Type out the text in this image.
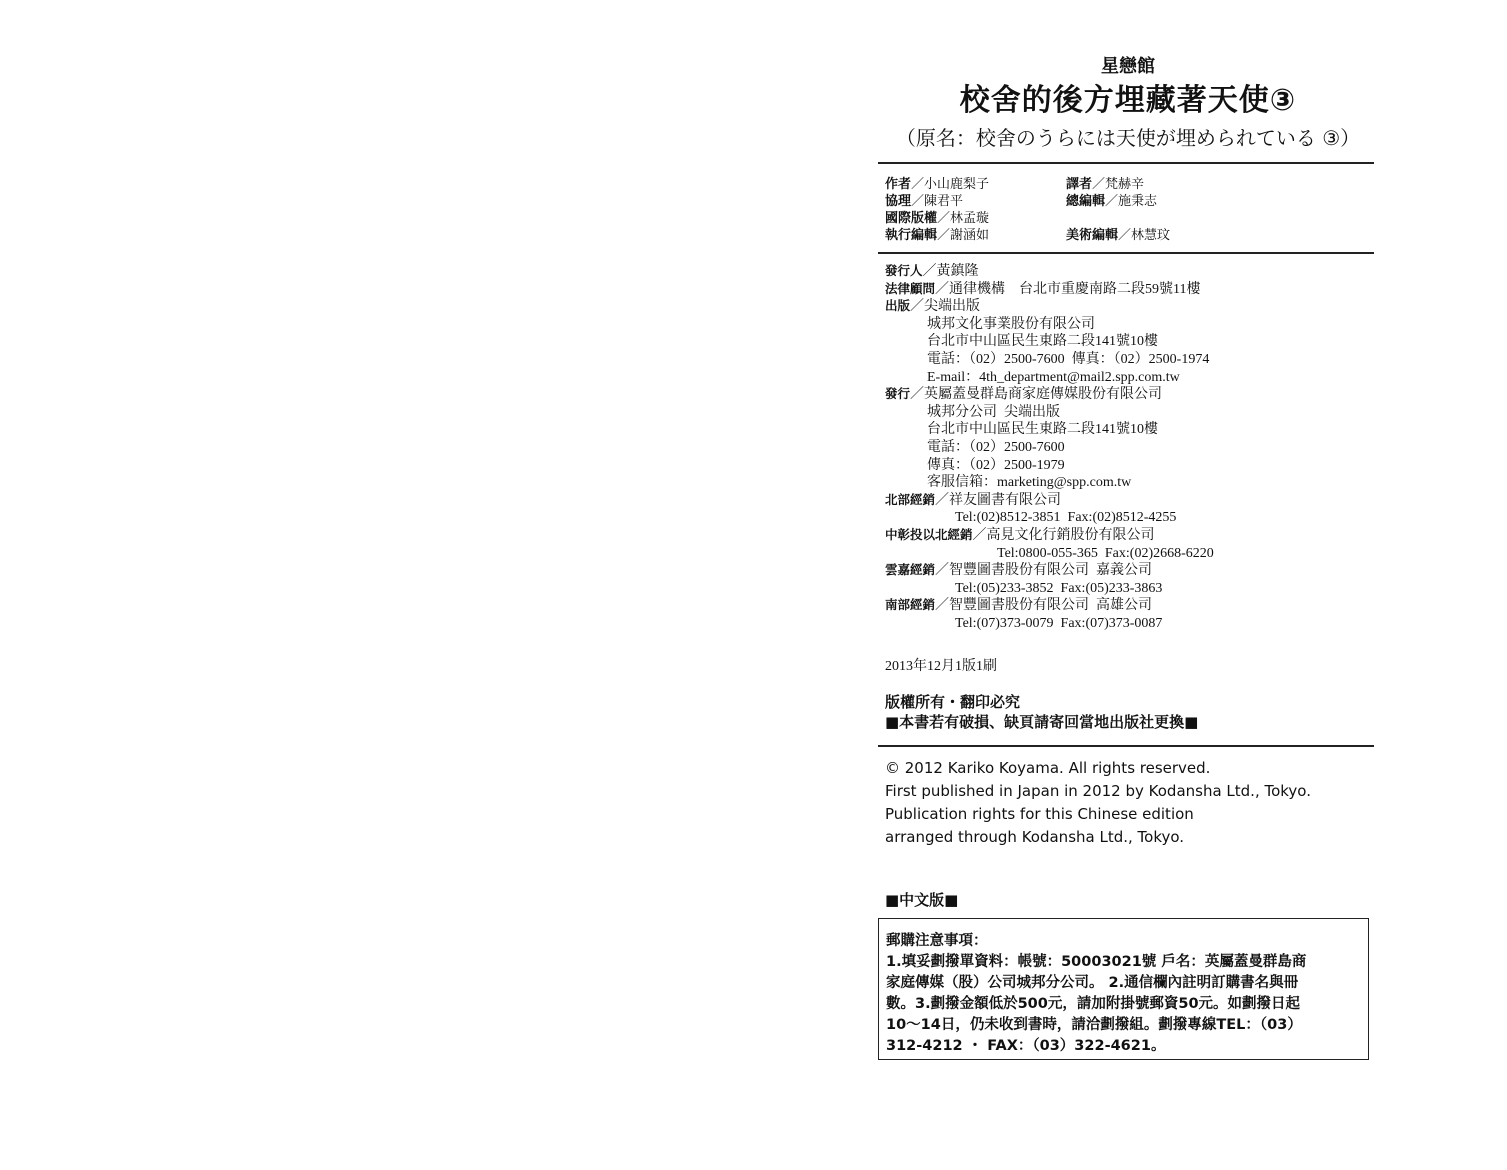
星戀館
校舍的後方埋藏著天使③
（原名：校舍のうらには天使が埋められている ③）
作者／小山鹿梨子	譯者／梵赫辛
協理／陳君平	總編輯／施秉志
國際版權／林孟璇
執行編輯／謝涵如	美術編輯／林慧玟
發行人／黃鎮隆
法律顧問／通律機構　台北市重慶南路二段59號11樓
出版／尖端出版
　　　城邦文化事業股份有限公司
　　　台北市中山區民生東路二段141號10樓
　　　電話：（02）2500-7600  傳真：（02）2500-1974
　　　E-mail：4th_department@mail2.spp.com.tw
發行／英屬蓋曼群島商家庭傳媒股份有限公司
　　　城邦分公司  尖端出版
　　　台北市中山區民生東路二段141號10樓
　　　電話：（02）2500-7600
　　　傳真：（02）2500-1979
　　　客服信箱：marketing@spp.com.tw
北部經銷／祥友圖書有限公司
　　　　　Tel:(02)8512-3851  Fax:(02)8512-4255
中彰投以北經銷／高見文化行銷股份有限公司
　　　　　　　　Tel:0800-055-365  Fax:(02)2668-6220
雲嘉經銷／智豐圖書股份有限公司  嘉義公司
　　　　　Tel:(05)233-3852  Fax:(05)233-3863
南部經銷／智豐圖書股份有限公司  高雄公司
　　　　　Tel:(07)373-0079  Fax:(07)373-0087
2013年12月1版1刷
版權所有・翻印必究
■本書若有破損、缺頁請寄回當地出版社更換■
© 2012 Kariko Koyama. All rights reserved.
First published in Japan in 2012 by Kodansha Ltd., Tokyo.
Publication rights for this Chinese edition
arranged through Kodansha Ltd., Tokyo.
■中文版■
郵購注意事項：
1.填妥劃撥單資料：帳號：50003021號 戶名：英屬蓋曼群島商
家庭傳媒（股）公司城邦分公司。 2.通信欄內註明訂購書名與冊
數。3.劃撥金額低於500元，請加附掛號郵資50元。如劃撥日起
10～14日，仍未收到書時，請洽劃撥組。劃撥專線TEL：（03）
312-4212 ・ FAX：（03）322-4621。
